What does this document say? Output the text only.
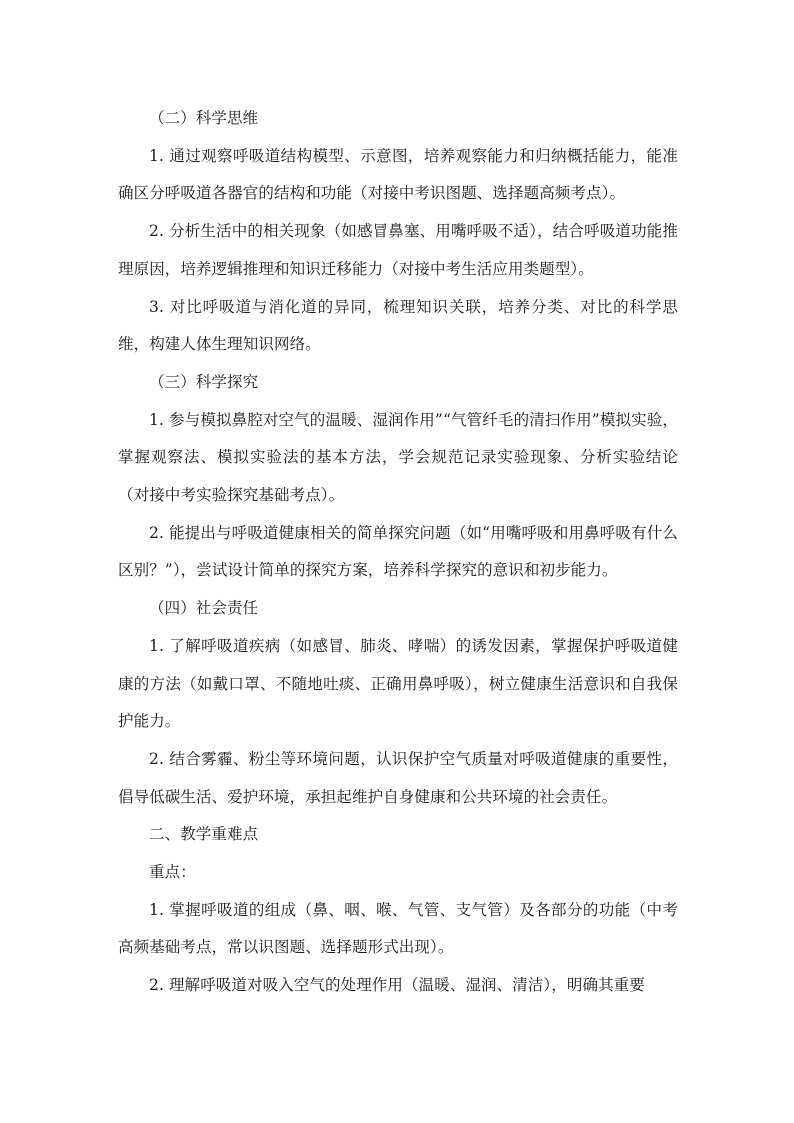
（二）科学思维

1. 通过观察呼吸道结构模型、示意图，培养观察能力和归纳概括能力，能准确区分呼吸道各器官的结构和功能（对接中考识图题、选择题高频考点）。

2. 分析生活中的相关现象（如感冒鼻塞、用嘴呼吸不适），结合呼吸道功能推理原因，培养逻辑推理和知识迁移能力（对接中考生活应用类题型）。

3. 对比呼吸道与消化道的异同，梳理知识关联，培养分类、对比的科学思维，构建人体生理知识网络。

（三）科学探究

1. 参与模拟鼻腔对空气的温暖、湿润作用”“气管纤毛的清扫作用”模拟实验，掌握观察法、模拟实验法的基本方法，学会规范记录实验现象、分析实验结论（对接中考实验探究基础考点）。

2. 能提出与呼吸道健康相关的简单探究问题（如“用嘴呼吸和用鼻呼吸有什么区别？”），尝试设计简单的探究方案，培养科学探究的意识和初步能力。

（四）社会责任

1. 了解呼吸道疾病（如感冒、肺炎、哮喘）的诱发因素，掌握保护呼吸道健康的方法（如戴口罩、不随地吐痰、正确用鼻呼吸），树立健康生活意识和自我保护能力。

2. 结合雾霾、粉尘等环境问题，认识保护空气质量对呼吸道健康的重要性，倡导低碳生活、爱护环境，承担起维护自身健康和公共环境的社会责任。

二、教学重难点

重点：

1. 掌握呼吸道的组成（鼻、咽、喉、气管、支气管）及各部分的功能（中考高频基础考点，常以识图题、选择题形式出现）。

2. 理解呼吸道对吸入空气的处理作用（温暖、湿润、清洁），明确其重要
